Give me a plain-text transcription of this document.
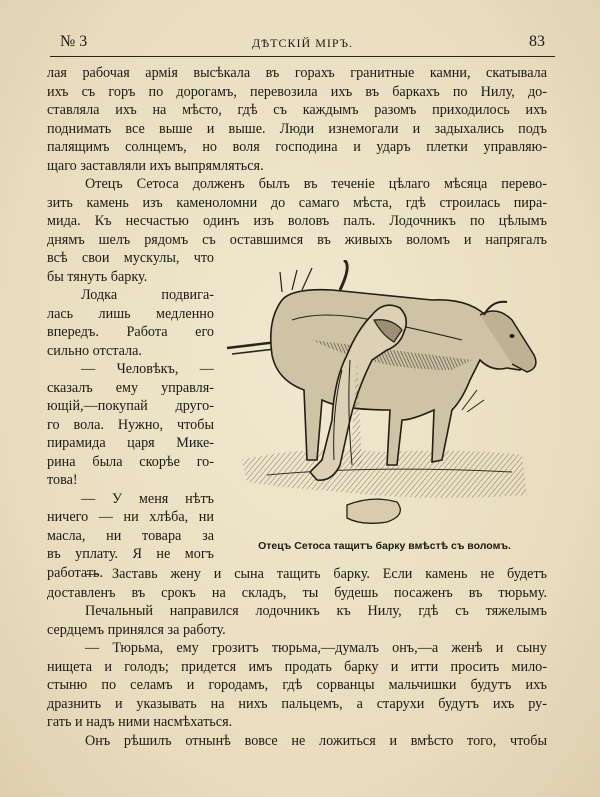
№ 3	ДѢТСКІЙ МІРЪ.	83
лая рабочая армія высѣкала въ горахъ гранитные камни, скатывала
ихъ съ горъ по дорогамъ, перевозила ихъ въ баркахъ по Нилу, до-
ставляла ихъ на мѣсто, гдѣ съ каждымъ разомъ приходилось ихъ
поднимать все выше и выше. Люди изнемогали и задыхались подъ
палящимъ солнцемъ, но воля господина и ударъ плетки управляю-
щаго заставляли ихъ выпрямляться.
Отецъ Сетоса долженъ былъ въ теченіе цѣлаго мѣсяца перево-
зить камень изъ каменоломни до самаго мѣста, гдѣ строилась пира-
мида. Къ несчастью одинъ изъ воловъ палъ. Лодочникъ по цѣлымъ
днямъ шелъ рядомъ съ оставшимся въ живыхъ воломъ и напрягалъ
всѣ свои мускулы, что
бы тянуть барку.
Лодка подвига-
лась лишь медленно
впередъ. Работа его
сильно отстала.
— Человѣкъ, —
сказалъ ему управля-
ющій,—покупай друго-
го вола. Нужно, чтобы
пирамида царя Мике-
рина была скорѣе го-
това!
— У меня нѣтъ
ничего — ни хлѣба, ни
масла, ни товара за
въ уплату. Я не могъ
работать.
Отецъ Сетоса тащитъ барку вмѣстѣ съ воломъ.
— Заставь жену и сына тащить барку. Если камень не будетъ
доставленъ въ срокъ на складъ, ты будешь посаженъ въ тюрьму.
Печальный направился лодочникъ къ Нилу, гдѣ съ тяжелымъ
сердцемъ принялся за работу.
— Тюрьма, ему грозитъ тюрьма,—думалъ онъ,—а женѣ и сыну
нищета и голодъ; придется имъ продать барку и итти просить мило-
стыню по селамъ и городамъ, гдѣ сорванцы мальчишки будутъ ихъ
дразнить и указывать на нихъ пальцемъ, а старухи будутъ ихъ ру-
гать и надъ ними насмѣхаться.
Онъ рѣшилъ отнынѣ вовсе не ложиться и вмѣсто того, чтобы
